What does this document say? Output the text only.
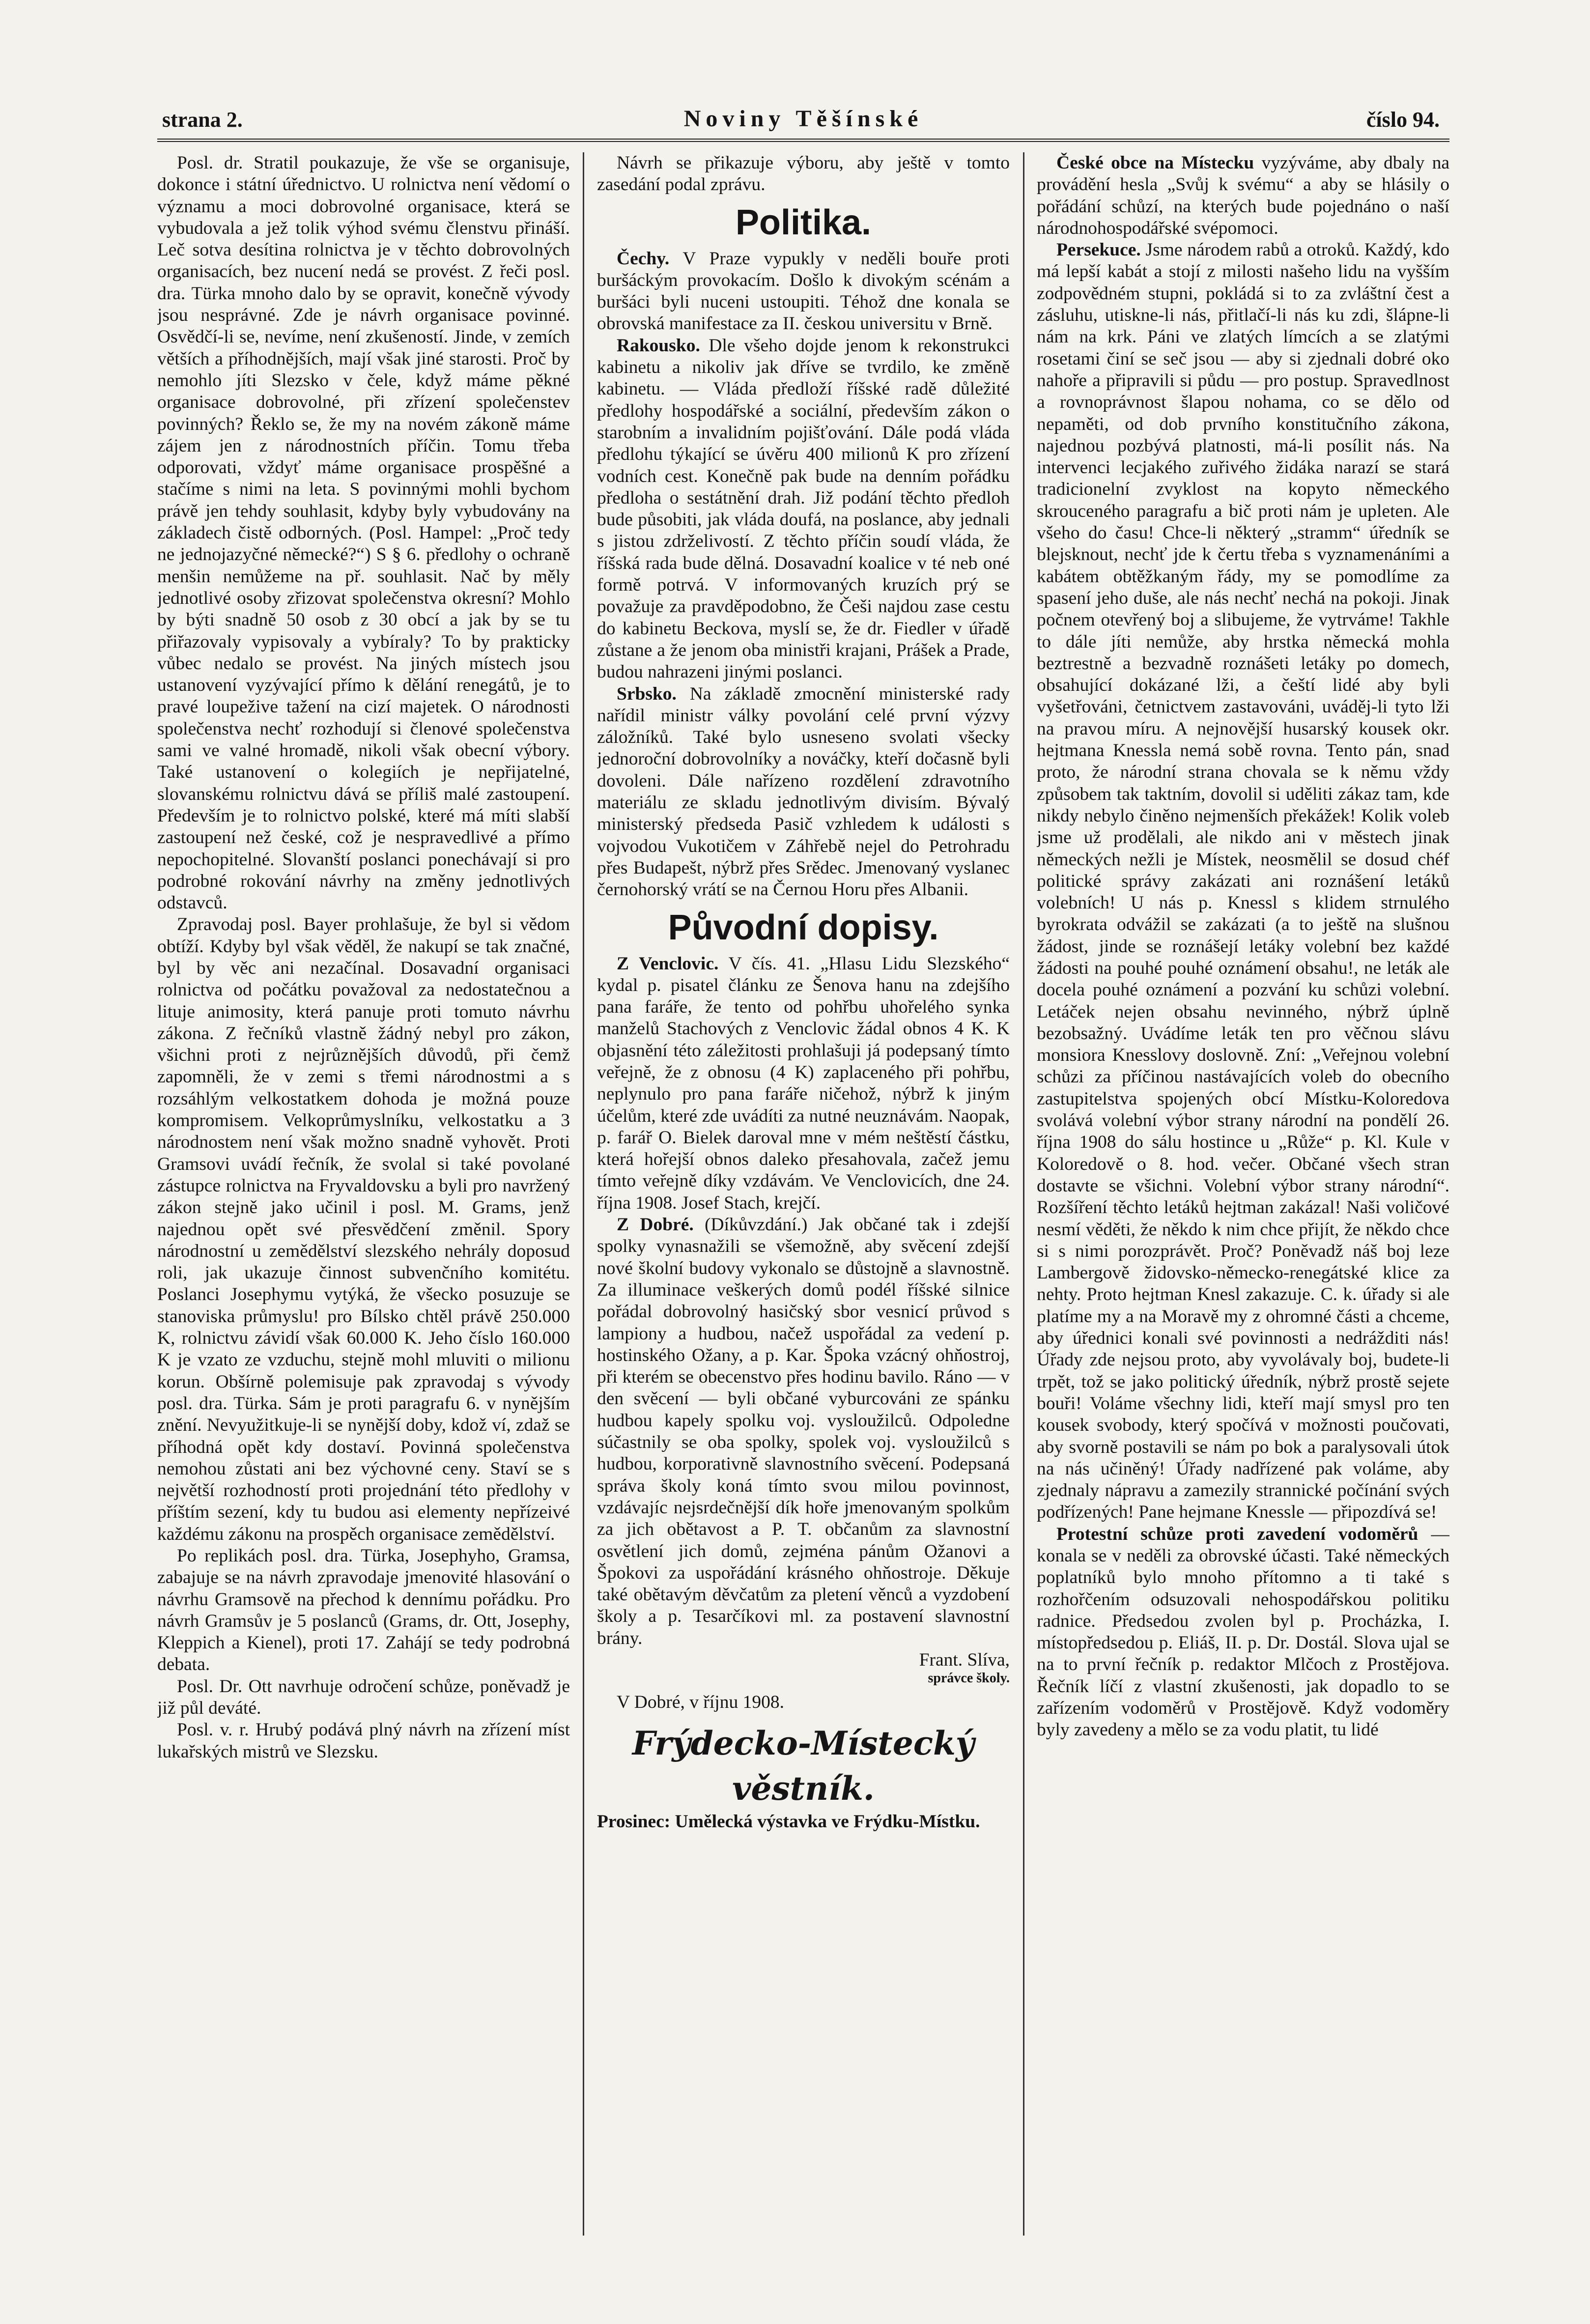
strana 2.	Noviny Těšínské	číslo 94.

Posl. dr. Stratil poukazuje, že vše se organisuje, dokonce i státní úřednictvo. U rolnictva není vědomí o významu a moci dobrovolné organisace, která se vybudovala a jež tolik výhod svému členstvu přináší. Leč sotva desítina rolnictva je v těchto dobrovolných organisacích, bez nucení nedá se provést. Z řeči posl. dra. Türka mnoho dalo by se opravit, konečně vývody jsou nesprávné. Zde je návrh organisace povinné. Osvědčí-li se, nevíme, není zkušeností. Jinde, v zemích větších a příhodnějších, mají však jiné starosti. Proč by nemohlo jíti Slezsko v čele, když máme pěkné organisace dobrovolné, při zřízení společenstev povinných? Řeklo se, že my na novém zákoně máme zájem jen z národnostních příčin. Tomu třeba odporovati, vždyť máme organisace prospěšné a stačíme s nimi na leta. S povinnými mohli bychom právě jen tehdy souhlasit, kdyby byly vybudovány na základech čistě odborných. (Posl. Hampel: „Proč tedy ne jednojazyčné německé?“) S § 6. předlohy o ochraně menšin nemůžeme na př. souhlasit. Nač by měly jednotlivé osoby zřizovat společenstva okresní? Mohlo by býti snadně 50 osob z 30 obcí a jak by se tu přiřazovaly vypisovaly a vybíraly? To by prakticky vůbec nedalo se provést. Na jiných místech jsou ustanovení vyzývající přímo k dělání renegátů, je to pravé loupežive tažení na cizí majetek. O národnosti společenstva nechť rozhodují si členové společenstva sami ve valné hromadě, nikoli však obecní výbory. Také ustanovení o kolegiích je nepřijatelné, slovanskému rolnictvu dává se příliš malé zastoupení. Především je to rolnictvo polské, které má míti slabší zastoupení než české, což je nespravedlivé a přímo nepochopitelné. Slovanští poslanci ponechávají si pro podrobné rokování návrhy na změny jednotlivých odstavců.

Zpravodaj posl. Bayer prohlašuje, že byl si vědom obtíží. Kdyby byl však věděl, že nakupí se tak značné, byl by věc ani nezačínal. Dosavadní organisaci rolnictva od počátku považoval za nedostatečnou a lituje animosity, která panuje proti tomuto návrhu zákona. Z řečníků vlastně žádný nebyl pro zákon, všichni proti z nejrůznějších důvodů, při čemž zapomněli, že v zemi s třemi národnostmi a s rozsáhlým velkostatkem dohoda je možná pouze kompromisem. Velkoprůmyslníku, velkostatku a 3 národnostem není však možno snadně vyhovět. Proti Gramsovi uvádí řečník, že svolal si také povolané zástupce rolnictva na Fryvaldovsku a byli pro navržený zákon stejně jako učinil i posl. M. Grams, jenž najednou opět své přesvědčení změnil. Spory národnostní u zemědělství slezského nehrály doposud roli, jak ukazuje činnost subvenčního komitétu. Poslanci Josephymu vytýká, že všecko posuzuje se stanoviska průmyslu! pro Bílsko chtěl právě 250.000 K, rolnictvu závidí však 60.000 K. Jeho číslo 160.000 K je vzato ze vzduchu, stejně mohl mluviti o milionu korun. Obšírně polemisuje pak zpravodaj s vývody posl. dra. Türka. Sám je proti paragrafu 6. v nynějším znění. Nevyužitkuje-li se nynější doby, kdož ví, zdaž se příhodná opět kdy dostaví. Povinná společenstva nemohou zůstati ani bez výchovné ceny. Staví se s největší rozhodností proti projednání této předlohy v příštím sezení, kdy tu budou asi elementy nepřízeivé každému zákonu na prospěch organisace zemědělství.

Po replikách posl. dra. Türka, Josephyho, Gramsa, zabajuje se na návrh zpravodaje jmenovité hlasování o návrhu Gramsově na přechod k dennímu pořádku. Pro návrh Gramsův je 5 poslanců (Grams, dr. Ott, Josephy, Kleppich a Kienel), proti 17. Zahájí se tedy podrobná debata.

Posl. Dr. Ott navrhuje odročení schůze, poněvadž je již půl deváté.

Posl. v. r. Hrubý podává plný návrh na zřízení míst lukařských mistrů ve Slezsku.

Návrh se přikazuje výboru, aby ještě v tomto zasedání podal zprávu.

Politika.

Čechy. V Praze vypukly v neděli bouře proti buršáckým provokacím. Došlo k divokým scénám a buršáci byli nuceni ustoupiti. Téhož dne konala se obrovská manifestace za II. českou universitu v Brně.

Rakousko. Dle všeho dojde jenom k rekonstrukci kabinetu a nikoliv jak dříve se tvrdilo, ke změně kabinetu. — Vláda předloží říšské radě důležité předlohy hospodářské a sociální, především zákon o starobním a invalidním pojišťování. Dále podá vláda předlohu týkající se úvěru 400 milionů K pro zřízení vodních cest. Konečně pak bude na denním pořádku předloha o sestátnění drah. Již podání těchto předloh bude působiti, jak vláda doufá, na poslance, aby jednali s jistou zdrželivostí. Z těchto příčin soudí vláda, že říšská rada bude dělná. Dosavadní koalice v té neb oné formě potrvá. V informovaných kruzích prý se považuje za pravděpodobno, že Češi najdou zase cestu do kabinetu Beckova, myslí se, že dr. Fiedler v úřadě zůstane a že jenom oba ministři krajani, Prášek a Prade, budou nahrazeni jinými poslanci.

Srbsko. Na základě zmocnění ministerské rady nařídil ministr války povolání celé první výzvy záložníků. Také bylo usneseno svolati všecky jednoroční dobrovolníky a nováčky, kteří dočasně byli dovoleni. Dále nařízeno rozdělení zdravotního materiálu ze skladu jednotlivým divisím. Bývalý ministerský předseda Pasič vzhledem k události s vojvodou Vukotičem v Záhřebě nejel do Petrohradu přes Budapešt, nýbrž přes Srědec. Jmenovaný vyslanec černohorský vrátí se na Černou Horu přes Albanii.

Původní dopisy.

Z Venclovic. V čís. 41. „Hlasu Lidu Slezského“ kydal p. pisatel článku ze Šenova hanu na zdejšího pana faráře, že tento od pohřbu uhořelého synka manželů Stachových z Venclovic žádal obnos 4 K. K objasnění této záležitosti prohlašuji já podepsaný tímto veřejně, že z obnosu (4 K) zaplaceného při pohřbu, neplynulo pro pana faráře ničehož, nýbrž k jiným účelům, které zde uvádíti za nutné neuznávám. Naopak, p. farář O. Bielek daroval mne v mém neštěstí částku, která hořejší obnos daleko přesahovala, začež jemu tímto veřejně díky vzdávám. Ve Venclovicích, dne 24. října 1908. Josef Stach, krejčí.

Z Dobré. (Díkůvzdání.) Jak občané tak i zdejší spolky vynasnažili se všemožně, aby svěcení zdejší nové školní budovy vykonalo se důstojně a slavnostně. Za illuminace veškerých domů podél říšské silnice pořádal dobrovolný hasičský sbor vesnicí průvod s lampiony a hudbou, načež uspořádal za vedení p. hostinského Ožany, a p. Kar. Špoka vzácný ohňostroj, při kterém se obecenstvo přes hodinu bavilo. Ráno — v den svěcení — byli občané vyburcováni ze spánku hudbou kapely spolku voj. vysloužilců. Odpoledne súčastnily se oba spolky, spolek voj. vysloužilců s hudbou, korporativně slavnostního svěcení. Podepsaná správa školy koná tímto svou milou povinnost, vzdávajíc nejsrdečnější dík hoře jmenovaným spolkům za jich obětavost a P. T. občanům za slavnostní osvětlení jich domů, zejména pánům Ožanovi a Špokovi za uspořádání krásného ohňostroje. Děkuje také obětavým děvčatům za pletení věnců a vyzdobení školy a p. Tesarčíkovi ml. za postavení slavnostní brány.

Frant. Slíva,
správce školy.

V Dobré, v říjnu 1908.

Frýdecko-Místecký věstník.

Prosinec: Umělecká výstavka ve Frýdku-Místku.

České obce na Místecku vyzýváme, aby dbaly na provádění hesla „Svůj k svému“ a aby se hlásily o pořádání schůzí, na kterých bude pojednáno o naší národnohospodářské svépomoci.

Persekuce. Jsme národem rabů a otroků. Každý, kdo má lepší kabát a stojí z milosti našeho lidu na vyšším zodpovědném stupni, pokládá si to za zvláštní čest a zásluhu, utiskne-li nás, přitlačí-li nás ku zdi, šlápne-li nám na krk. Páni ve zlatých límcích a se zlatými rosetami činí se seč jsou — aby si zjednali dobré oko nahoře a připravili si půdu — pro postup. Spravedlnost a rovnoprávnost šlapou nohama, co se dělo od nepaměti, od dob prvního konstitučního zákona, najednou pozbývá platnosti, má-li posílit nás. Na intervenci lecjakého zuřivého židáka narazí se stará tradicionelní zvyklost na kopyto německého skrouceného paragrafu a bič proti nám je upleten. Ale všeho do času! Chce-li některý „stramm“ úředník se blejsknout, nechť jde k čertu třeba s vyznamenáními a kabátem obtěžkaným řády, my se pomodlíme za spasení jeho duše, ale nás nechť nechá na pokoji. Jinak počnem otevřený boj a slibujeme, že vytrváme! Takhle to dále jíti nemůže, aby hrstka německá mohla beztrestně a bezvadně roznášeti letáky po domech, obsahující dokázané lži, a čeští lidé aby byli vyšetřováni, četnictvem zastavováni, uváděj-li tyto lži na pravou míru. A nejnovější husarský kousek okr. hejtmana Knessla nemá sobě rovna. Tento pán, snad proto, že národní strana chovala se k němu vždy způsobem tak taktním, dovolil si uděliti zákaz tam, kde nikdy nebylo činěno nejmenších překážek! Kolik voleb jsme už prodělali, ale nikdo ani v městech jinak německých nežli je Místek, neosmělil se dosud chéf politické správy zakázati ani roznášení letáků volebních! U nás p. Knessl s klidem strnulého byrokrata odvážil se zakázati (a to ještě na slušnou žádost, jinde se roznášejí letáky volební bez každé žádosti na pouhé pouhé oznámení obsahu!, ne leták ale docela pouhé oznámení a pozvání ku schůzi volební. Letáček nejen obsahu nevinného, nýbrž úplně bezobsažný. Uvádíme leták ten pro věčnou slávu monsiora Knesslovy doslovně. Zní: „Veřejnou volební schůzi za příčinou nastávajících voleb do obecního zastupitelstva spojených obcí Místku-Koloredova svolává volební výbor strany národní na pondělí 26. října 1908 do sálu hostince u „Růže“ p. Kl. Kule v Koloredově o 8. hod. večer. Občané všech stran dostavte se všichni. Volební výbor strany národní“. Rozšíření těchto letáků hejtman zakázal! Naši voličové nesmí věděti, že někdo k nim chce přijít, že někdo chce si s nimi porozprávět. Proč? Poněvadž náš boj leze Lambergově židovsko-německo-renegátské klice za nehty. Proto hejtman Knesl zakazuje. C. k. úřady si ale platíme my a na Moravě my z ohromné části a chceme, aby úřednici konali své povinnosti a nedrážditi nás! Úřady zde nejsou proto, aby vyvolávaly boj, budete-li trpět, tož se jako politický úředník, nýbrž prostě sejete bouři! Voláme všechny lidi, kteří mají smysl pro ten kousek svobody, který spočívá v možnosti poučovati, aby svorně postavili se nám po bok a paralysovali útok na nás učiněný! Úřady nadřízené pak voláme, aby zjednaly nápravu a zamezily strannické počínání svých podřízených! Pane hejmane Knessle — připozdívá se!

Protestní schůze proti zavedení vodoměrů — konala se v neděli za obrovské účasti. Také německých poplatníků bylo mnoho přítomno a ti také s rozhořčením odsuzovali nehospodářskou politiku radnice. Předsedou zvolen byl p. Procházka, I. místopředsedou p. Eliáš, II. p. Dr. Dostál. Slova ujal se na to první řečník p. redaktor Mlčoch z Prostějova. Řečník líčí z vlastní zkušenosti, jak dopadlo to se zařízením vodoměrů v Prostějově. Když vodoměry byly zavedeny a mělo se za vodu platit, tu lidé
